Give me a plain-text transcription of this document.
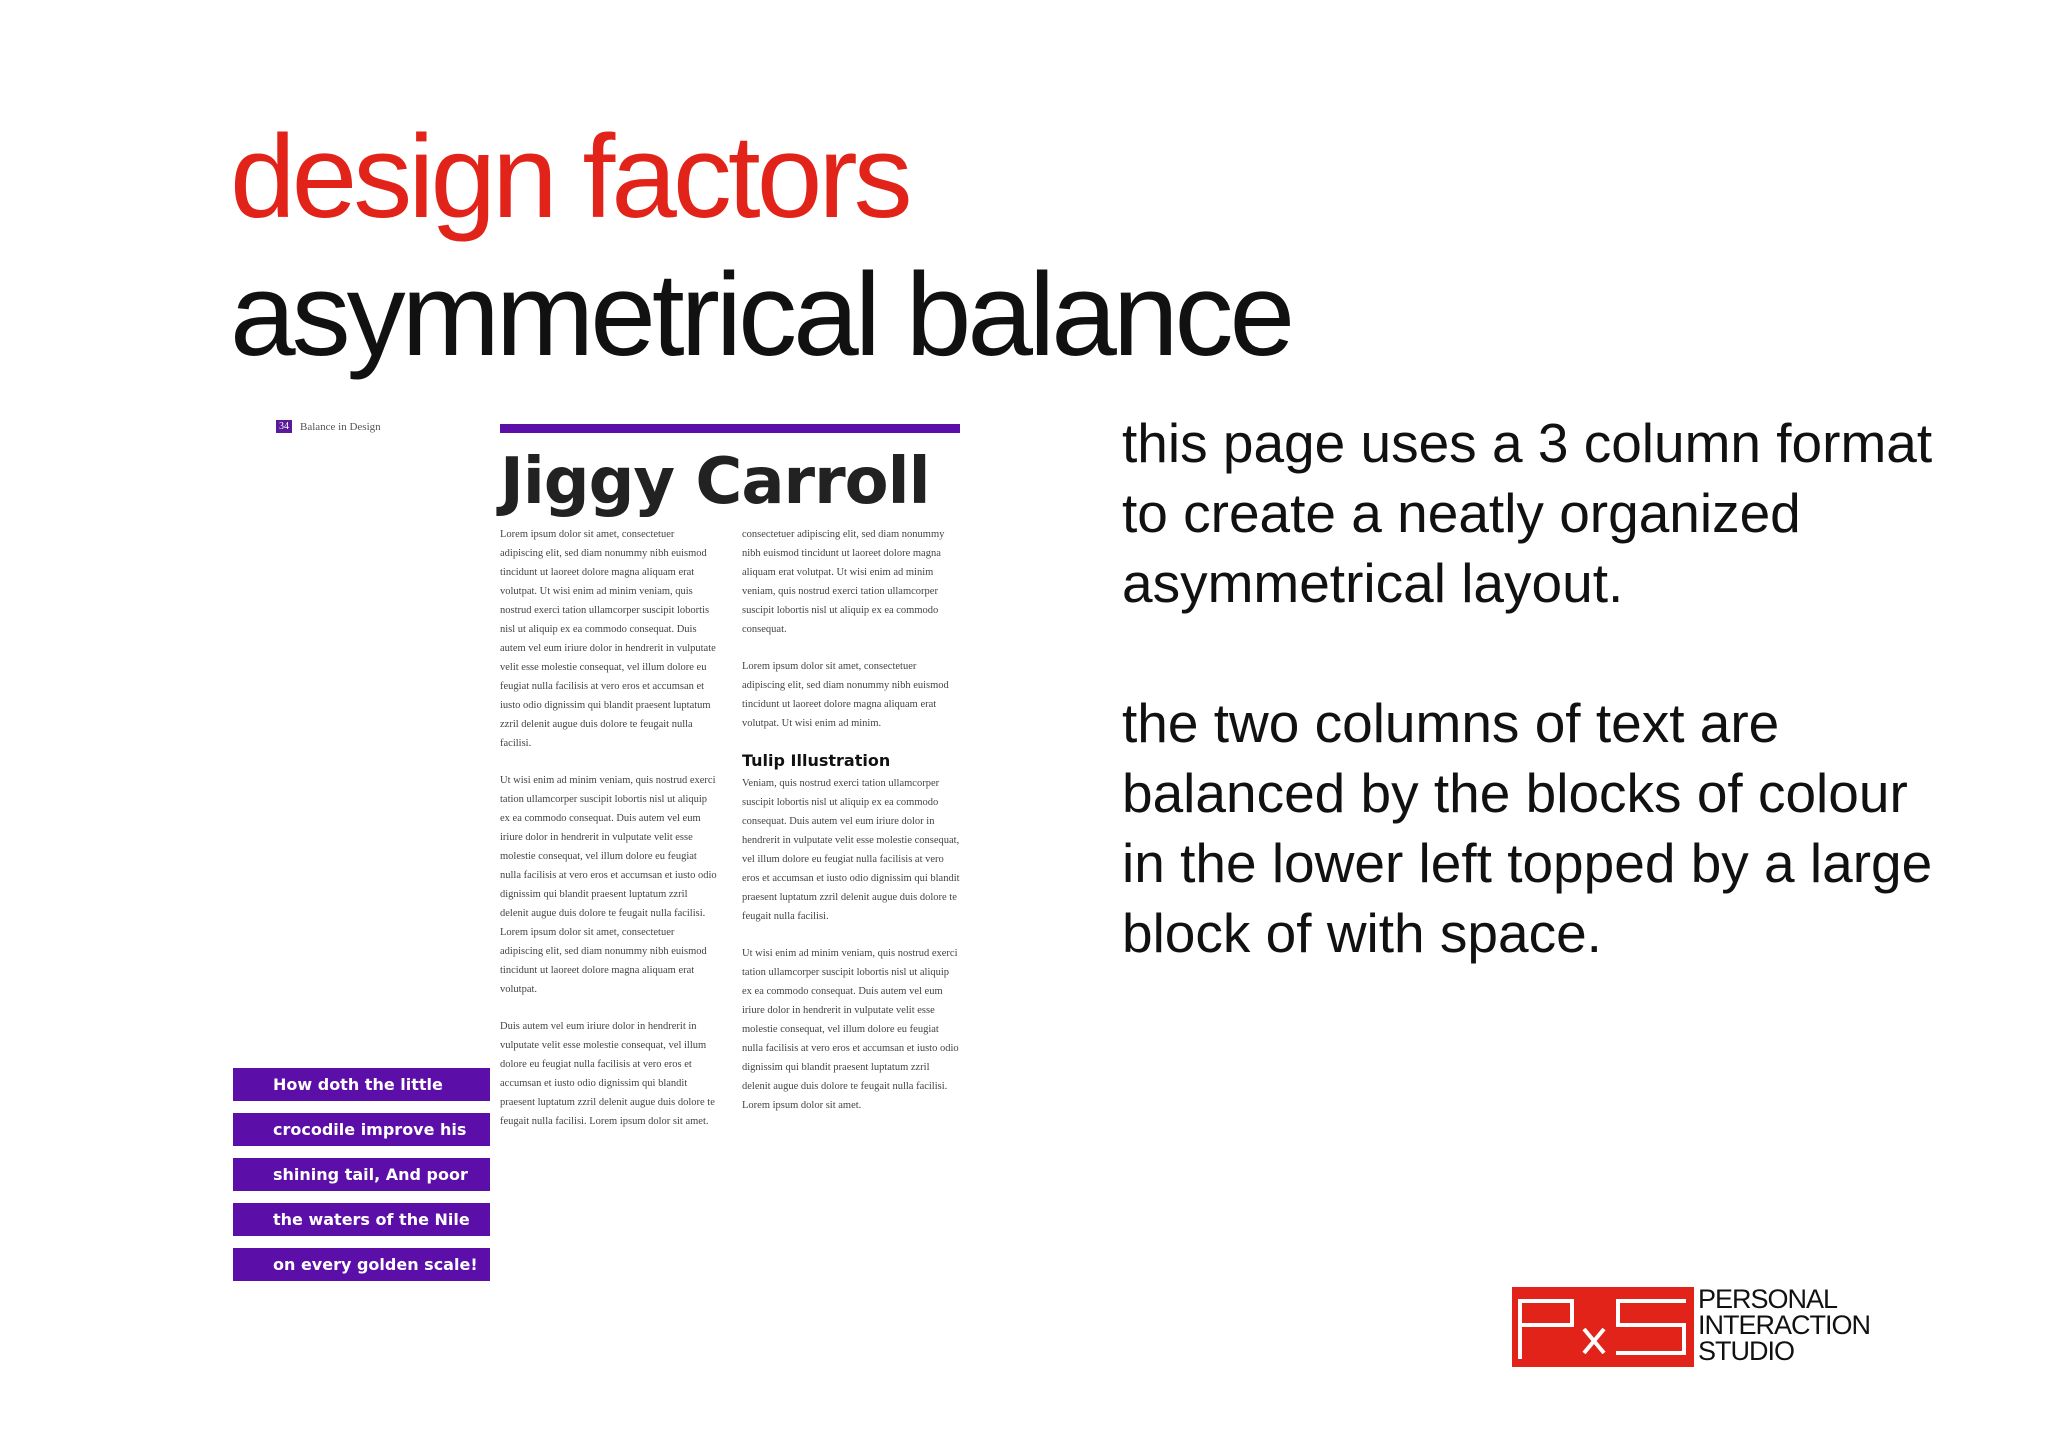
design factors
asymmetrical balance
34 Balance in Design
Jiggy Carroll

Lorem ipsum dolor sit amet, consectetuer adipiscing elit, sed diam nonummy nibh euismod tincidunt ut laoreet dolore magna aliquam erat volutpat. Ut wisi enim ad minim veniam, quis nostrud exerci tation ullamcorper suscipit lobortis nisl ut aliquip ex ea commodo consequat. Duis autem vel eum iriure dolor in hendrerit in vulputate velit esse molestie consequat, vel illum dolore eu feugiat nulla facilisis at vero eros et accumsan et iusto odio dignissim qui blandit praesent luptatum zzril delenit augue duis dolore te feugait nulla facilisi.

Ut wisi enim ad minim veniam, quis nostrud exerci tation ullamcorper suscipit lobortis nisl ut aliquip ex ea commodo consequat. Duis autem vel eum iriure dolor in hendrerit in vulputate velit esse molestie consequat, vel illum dolore eu feugiat nulla facilisis at vero eros et accumsan et iusto odio dignissim qui blandit praesent luptatum zzril delenit augue duis dolore te feugait nulla facilisi. Lorem ipsum dolor sit amet, consectetuer adipiscing elit, sed diam nonummy nibh euismod tincidunt ut laoreet dolore magna aliquam erat volutpat.

Duis autem vel eum iriure dolor in hendrerit in vulputate velit esse molestie consequat, vel illum dolore eu feugiat nulla facilisis at vero eros et accumsan et iusto odio dignissim qui blandit praesent luptatum zzril delenit augue duis dolore te feugait nulla facilisi. Lorem ipsum dolor sit amet.

consectetuer adipiscing elit, sed diam nonummy nibh euismod tincidunt ut laoreet dolore magna aliquam erat volutpat. Ut wisi enim ad minim veniam, quis nostrud exerci tation ullamcorper suscipit lobortis nisl ut aliquip ex ea commodo consequat.

Lorem ipsum dolor sit amet, consectetuer adipiscing elit, sed diam nonummy nibh euismod tincidunt ut laoreet dolore magna aliquam erat volutpat. Ut wisi enim ad minim.

Tulip Illustration

Veniam, quis nostrud exerci tation ullamcorper suscipit lobortis nisl ut aliquip ex ea commodo consequat. Duis autem vel eum iriure dolor in hendrerit in vulputate velit esse molestie consequat, vel illum dolore eu feugiat nulla facilisis at vero eros et accumsan et iusto odio dignissim qui blandit praesent luptatum zzril delenit augue duis dolore te feugait nulla facilisi.

Ut wisi enim ad minim veniam, quis nostrud exerci tation ullamcorper suscipit lobortis nisl ut aliquip ex ea commodo consequat. Duis autem vel eum iriure dolor in hendrerit in vulputate velit esse molestie consequat, vel illum dolore eu feugiat nulla facilisis at vero eros et accumsan et iusto odio dignissim qui blandit praesent luptatum zzril delenit augue duis dolore te feugait nulla facilisi. Lorem ipsum dolor sit amet.

How doth the little
crocodile improve his
shining tail, And poor
the waters of the Nile
on every golden scale!

this page uses a 3 column format to create a neatly organized asymmetrical layout.

the two columns of text are balanced by the blocks of colour in the lower left topped by a large block of with space.

PERSONAL
INTERACTION
STUDIO
